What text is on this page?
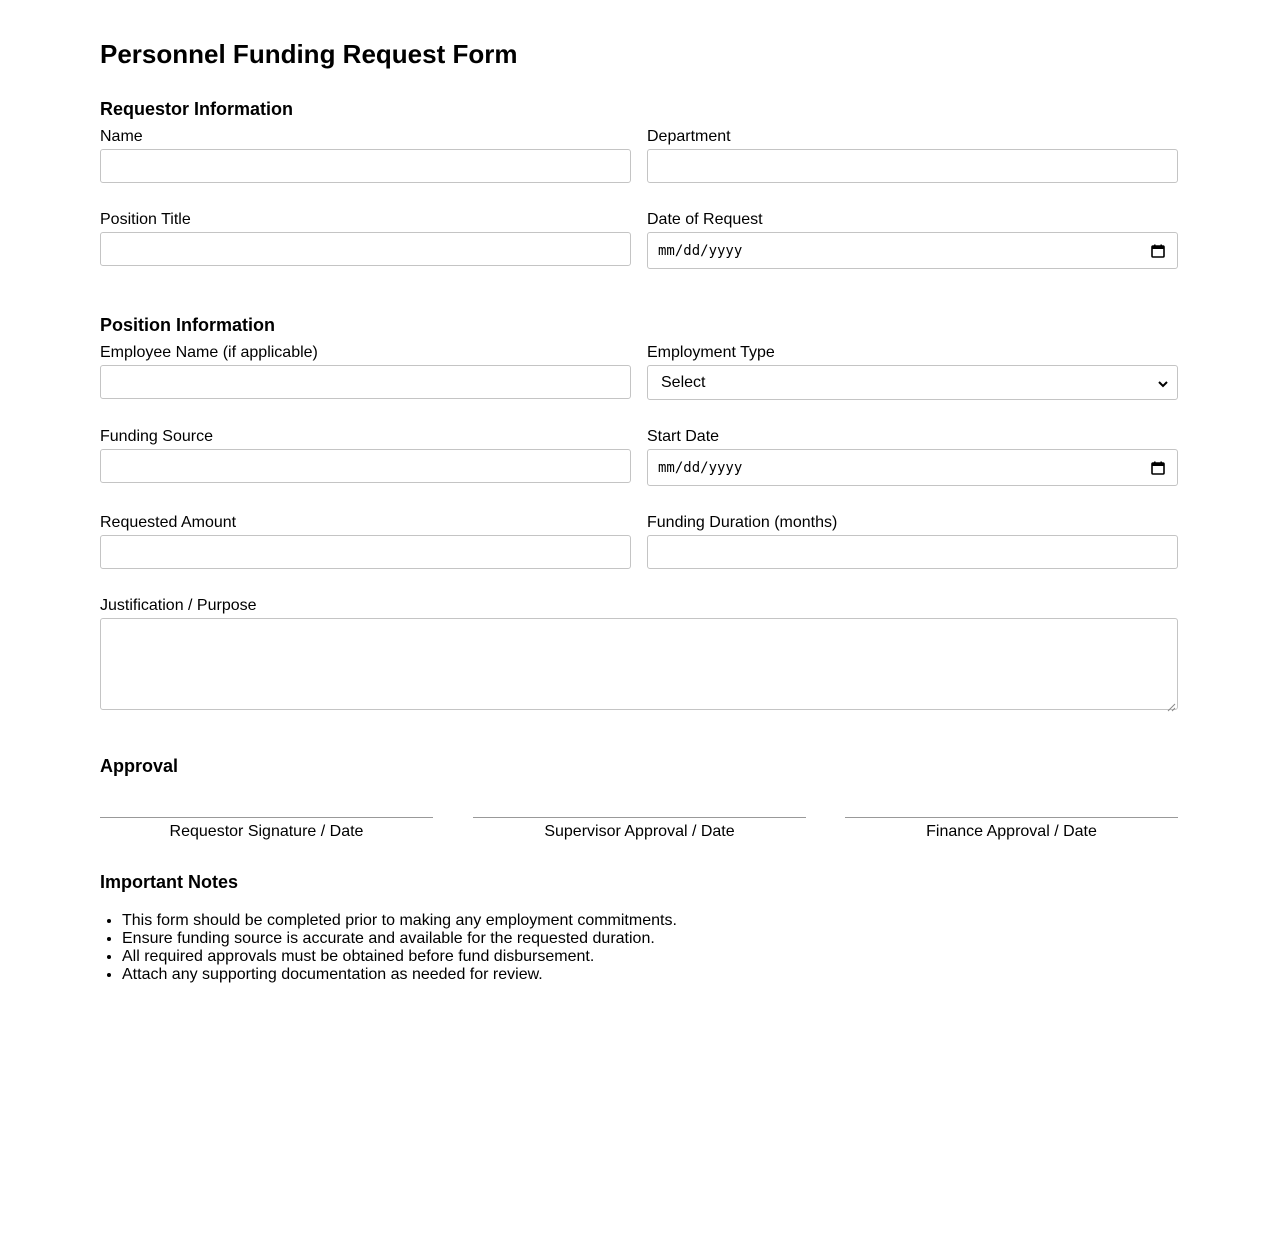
Personnel Funding Request Form
Requestor Information
Name	Department
Position Title	Date of Request
mm/dd/yyyy
Position Information
Employee Name (if applicable)	Employment Type
Select
Funding Source	Start Date
mm/dd/yyyy
Requested Amount	Funding Duration (months)
Justification / Purpose
Approval
Requestor Signature / Date	Supervisor Approval / Date	Finance Approval / Date
Important Notes
• This form should be completed prior to making any employment commitments.
• Ensure funding source is accurate and available for the requested duration.
• All required approvals must be obtained before fund disbursement.
• Attach any supporting documentation as needed for review.
